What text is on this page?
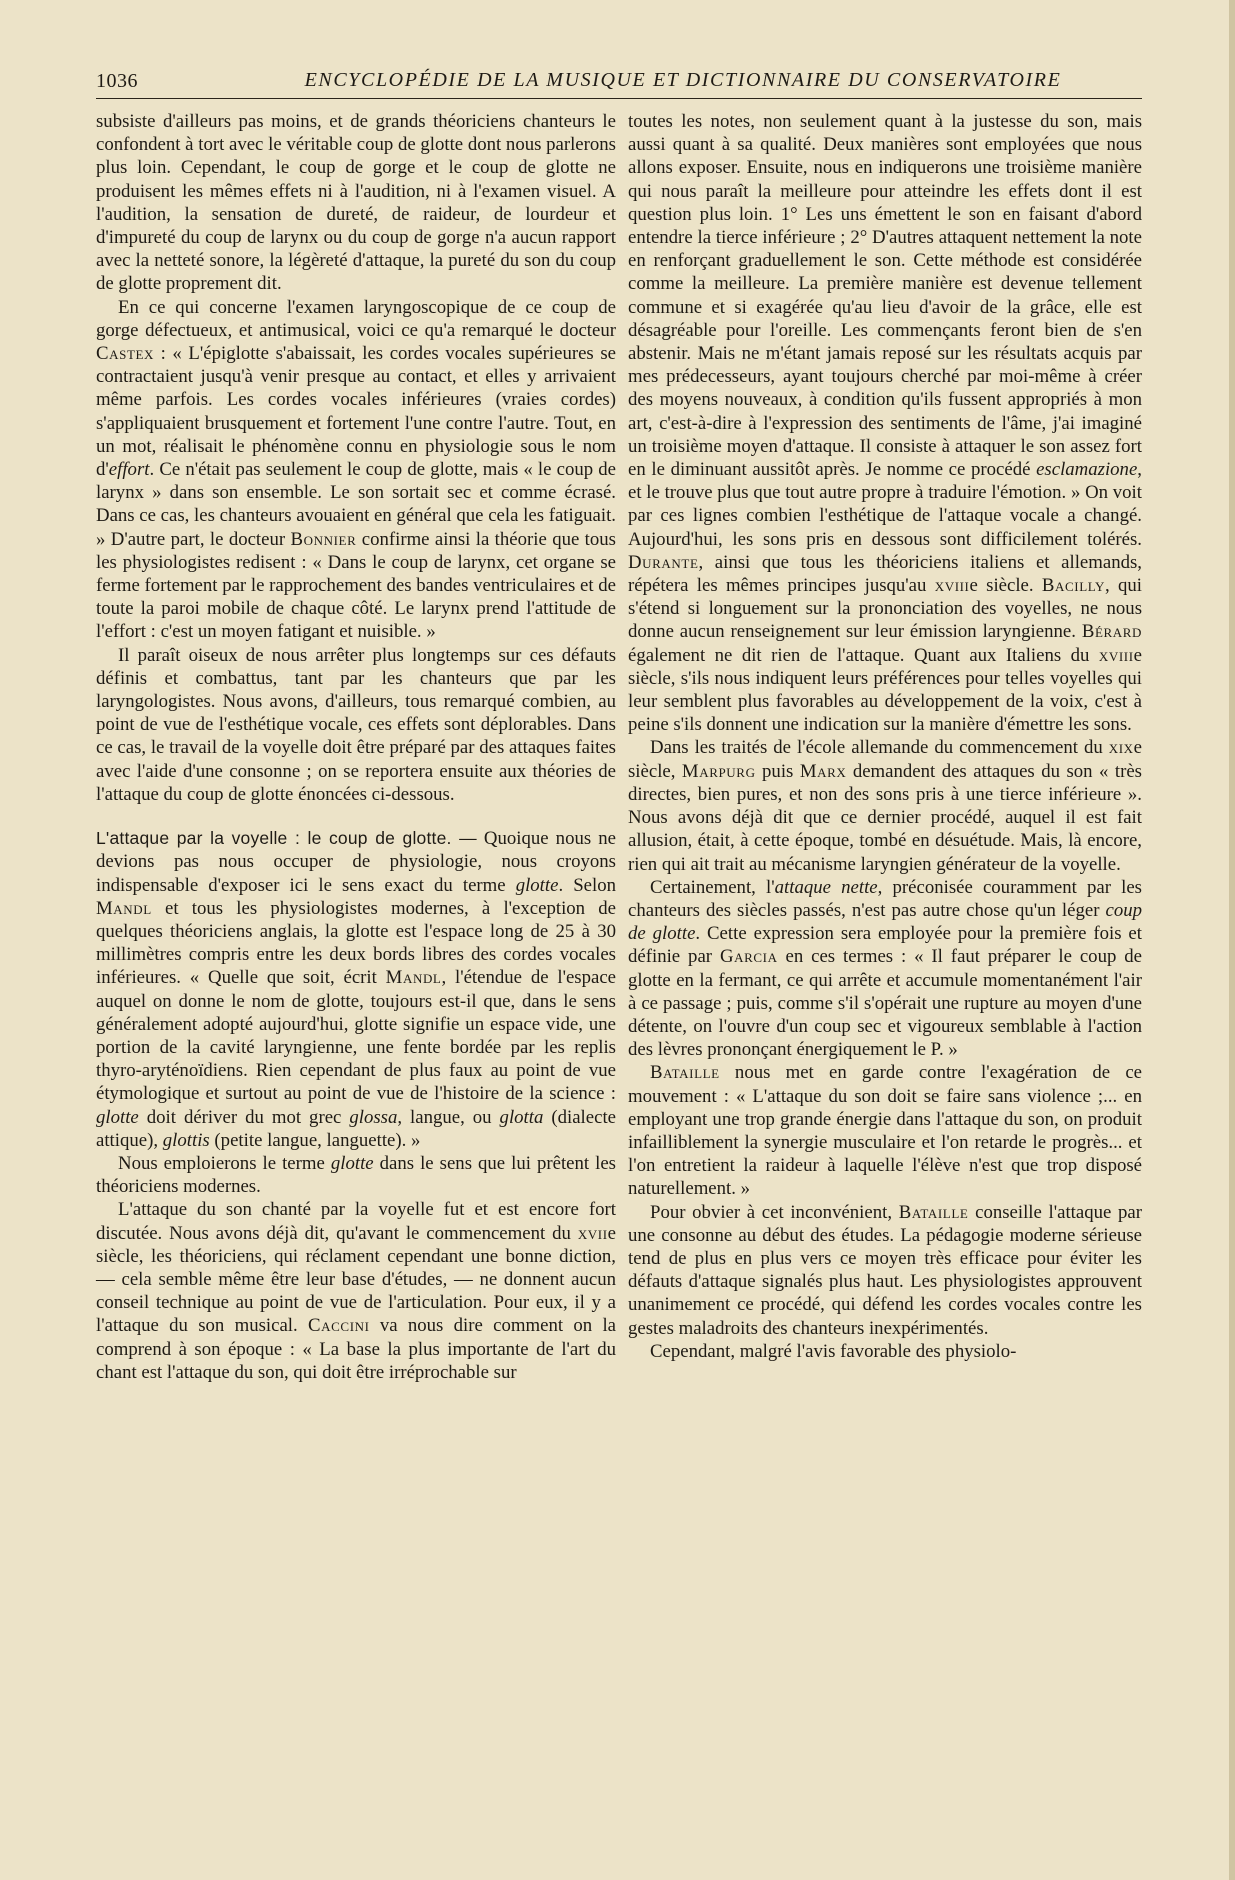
1036	ENCYCLOPÉDIE DE LA MUSIQUE ET DICTIONNAIRE DU CONSERVATOIRE

subsiste d'ailleurs pas moins, et de grands théoriciens chanteurs le confondent à tort avec le véritable coup de glotte dont nous parlerons plus loin. Cependant, le coup de gorge et le coup de glotte ne produisent les mêmes effets ni à l'audition, ni à l'examen visuel. A l'audition, la sensation de dureté, de raideur, de lourdeur et d'impureté du coup de larynx ou du coup de gorge n'a aucun rapport avec la netteté sonore, la légèreté d'attaque, la pureté du son du coup de glotte proprement dit.

En ce qui concerne l'examen laryngoscopique de ce coup de gorge défectueux, et antimusical, voici ce qu'a remarqué le docteur Castex : « L'épiglotte s'abaissait, les cordes vocales supérieures se contractaient jusqu'à venir presque au contact, et elles y arrivaient même parfois. Les cordes vocales inférieures (vraies cordes) s'appliquaient brusquement et fortement l'une contre l'autre. Tout, en un mot, réalisait le phénomène connu en physiologie sous le nom d'effort. Ce n'était pas seulement le coup de glotte, mais « le coup de larynx » dans son ensemble. Le son sortait sec et comme écrasé. Dans ce cas, les chanteurs avouaient en général que cela les fatiguait. » D'autre part, le docteur Bonnier confirme ainsi la théorie que tous les physiologistes redisent : « Dans le coup de larynx, cet organe se ferme fortement par le rapprochement des bandes ventriculaires et de toute la paroi mobile de chaque côté. Le larynx prend l'attitude de l'effort : c'est un moyen fatigant et nuisible. »

Il paraît oiseux de nous arrêter plus longtemps sur ces défauts définis et combattus, tant par les chanteurs que par les laryngologistes. Nous avons, d'ailleurs, tous remarqué combien, au point de vue de l'esthétique vocale, ces effets sont déplorables. Dans ce cas, le travail de la voyelle doit être préparé par des attaques faites avec l'aide d'une consonne ; on se reportera ensuite aux théories de l'attaque du coup de glotte énoncées ci-dessous.

L'attaque par la voyelle : le coup de glotte. — Quoique nous ne devions pas nous occuper de physiologie, nous croyons indispensable d'exposer ici le sens exact du terme glotte. Selon Mandl et tous les physiologistes modernes, à l'exception de quelques théoriciens anglais, la glotte est l'espace long de 25 à 30 millimètres compris entre les deux bords libres des cordes vocales inférieures. « Quelle que soit, écrit Mandl, l'étendue de l'espace auquel on donne le nom de glotte, toujours est-il que, dans le sens généralement adopté aujourd'hui, glotte signifie un espace vide, une portion de la cavité laryngienne, une fente bordée par les replis thyro-aryténoïdiens. Rien cependant de plus faux au point de vue étymologique et surtout au point de vue de l'histoire de la science : glotte doit dériver du mot grec glossa, langue, ou glotta (dialecte attique), glottis (petite langue, languette). »

Nous emploierons le terme glotte dans le sens que lui prêtent les théoriciens modernes.

L'attaque du son chanté par la voyelle fut et est encore fort discutée. Nous avons déjà dit, qu'avant le commencement du xviie siècle, les théoriciens, qui réclament cependant une bonne diction, — cela semble même être leur base d'études, — ne donnent aucun conseil technique au point de vue de l'articulation. Pour eux, il y a l'attaque du son musical. Caccini va nous dire comment on la comprend à son époque : « La base la plus importante de l'art du chant est l'attaque du son, qui doit être irréprochable sur

toutes les notes, non seulement quant à la justesse du son, mais aussi quant à sa qualité. Deux manières sont employées que nous allons exposer. Ensuite, nous en indiquerons une troisième manière qui nous paraît la meilleure pour atteindre les effets dont il est question plus loin. 1° Les uns émettent le son en faisant d'abord entendre la tierce inférieure ; 2° D'autres attaquent nettement la note en renforçant graduellement le son. Cette méthode est considérée comme la meilleure. La première manière est devenue tellement commune et si exagérée qu'au lieu d'avoir de la grâce, elle est désagréable pour l'oreille. Les commençants feront bien de s'en abstenir. Mais ne m'étant jamais reposé sur les résultats acquis par mes prédecesseurs, ayant toujours cherché par moi-même à créer des moyens nouveaux, à condition qu'ils fussent appropriés à mon art, c'est-à-dire à l'expression des sentiments de l'âme, j'ai imaginé un troisième moyen d'attaque. Il consiste à attaquer le son assez fort en le diminuant aussitôt après. Je nomme ce procédé esclamazione, et le trouve plus que tout autre propre à traduire l'émotion. » On voit par ces lignes combien l'esthétique de l'attaque vocale a changé. Aujourd'hui, les sons pris en dessous sont difficilement tolérés. Durante, ainsi que tous les théoriciens italiens et allemands, répétera les mêmes principes jusqu'au xviiie siècle. Bacilly, qui s'étend si longuement sur la prononciation des voyelles, ne nous donne aucun renseignement sur leur émission laryngienne. Bérard également ne dit rien de l'attaque. Quant aux Italiens du xviiie siècle, s'ils nous indiquent leurs préférences pour telles voyelles qui leur semblent plus favorables au développement de la voix, c'est à peine s'ils donnent une indication sur la manière d'émettre les sons.

Dans les traités de l'école allemande du commencement du xixe siècle, Marpurg puis Marx demandent des attaques du son « très directes, bien pures, et non des sons pris à une tierce inférieure ». Nous avons déjà dit que ce dernier procédé, auquel il est fait allusion, était, à cette époque, tombé en désuétude. Mais, là encore, rien qui ait trait au mécanisme laryngien générateur de la voyelle.

Certainement, l'attaque nette, préconisée couramment par les chanteurs des siècles passés, n'est pas autre chose qu'un léger coup de glotte. Cette expression sera employée pour la première fois et définie par Garcia en ces termes : « Il faut préparer le coup de glotte en la fermant, ce qui arrête et accumule momentanément l'air à ce passage ; puis, comme s'il s'opérait une rupture au moyen d'une détente, on l'ouvre d'un coup sec et vigoureux semblable à l'action des lèvres prononçant énergiquement le P. »

Bataille nous met en garde contre l'exagération de ce mouvement : « L'attaque du son doit se faire sans violence ;... en employant une trop grande énergie dans l'attaque du son, on produit infailliblement la synergie musculaire et l'on retarde le progrès... et l'on entretient la raideur à laquelle l'élève n'est que trop disposé naturellement. »

Pour obvier à cet inconvénient, Bataille conseille l'attaque par une consonne au début des études. La pédagogie moderne sérieuse tend de plus en plus vers ce moyen très efficace pour éviter les défauts d'attaque signalés plus haut. Les physiologistes approuvent unanimement ce procédé, qui défend les cordes vocales contre les gestes maladroits des chanteurs inexpérimentés.

Cependant, malgré l'avis favorable des physiolo-
